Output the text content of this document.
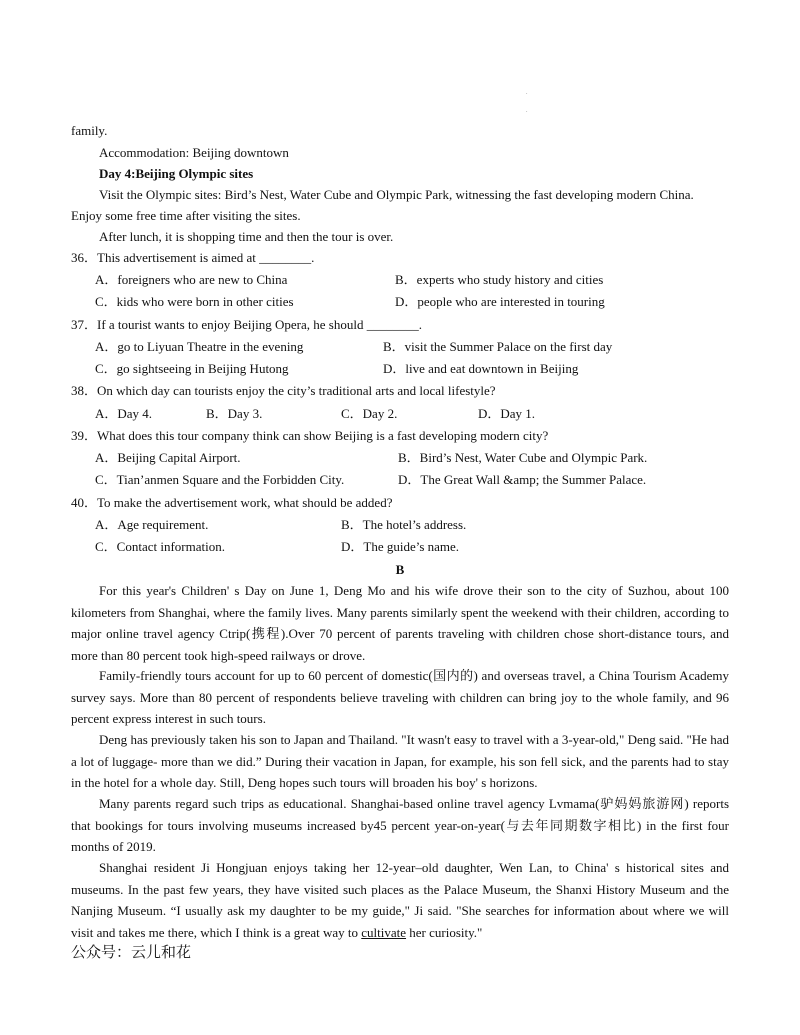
.
.
family.
Accommodation: Beijing downtown
Day 4:Beijing Olympic sites
Visit the Olympic sites: Bird’s Nest, Water Cube and Olympic Park, witnessing the fast developing modern China.
Enjoy some free time after visiting the sites.
After lunch, it is shopping time and then the tour is over.
36．This advertisement is aimed at ________.
A．foreigners who are new to China	B．experts who study history and cities
C．kids who were born in other cities	D．people who are interested in touring
37．If a tourist wants to enjoy Beijing Opera, he should ________.
A．go to Liyuan Theatre in the evening	B．visit the Summer Palace on the first day
C．go sightseeing in Beijing Hutong	D．live and eat downtown in Beijing
38．On which day can tourists enjoy the city’s traditional arts and local lifestyle?
A．Day 4.	B．Day 3.	C．Day 2.	D．Day 1.
39．What does this tour company think can show Beijing is a fast developing modern city?
A．Beijing Capital Airport.	B．Bird’s Nest, Water Cube and Olympic Park.
C．Tian’anmen Square and the Forbidden City.	D．The Great Wall &amp; the Summer Palace.
40．To make the advertisement work, what should be added?
A．Age requirement.	B．The hotel’s address.
C．Contact information.	D．The guide’s name.
B
For this year's Children' s Day on June 1, Deng Mo and his wife drove their son to the city of Suzhou, about 100 kilometers from Shanghai, where the family lives. Many parents similarly spent the weekend with their children, according to major online travel agency Ctrip(携程).Over 70 percent of parents traveling with children chose short-distance tours, and more than 80 percent took high-speed railways or drove.
Family-friendly tours account for up to 60 percent of domestic(国内的) and overseas travel, a China Tourism Academy survey says. More than 80 percent of respondents believe traveling with children can bring joy to the whole family, and 96 percent express interest in such tours.
Deng has previously taken his son to Japan and Thailand. "It wasn't easy to travel with a 3-year-old," Deng said. "He had a lot of luggage- more than we did.” During their vacation in Japan, for example, his son fell sick, and the parents had to stay in the hotel for a whole day. Still, Deng hopes such tours will broaden his boy' s horizons.
Many parents regard such trips as educational. Shanghai-based online travel agency Lvmama(驴妈妈旅游网) reports that bookings for tours involving museums increased by45 percent year-on-year(与去年同期数字相比) in the first four months of 2019.
Shanghai resident Ji Hongjuan enjoys taking her 12-year–old daughter, Wen Lan, to China' s historical sites and museums. In the past few years, they have visited such places as the Palace Museum, the Shanxi History Museum and the Nanjing Museum. “I usually ask my daughter to be my guide," Ji said. "She searches for information about where we will visit and takes me there, which I think is a great way to cultivate her curiosity."
公众号：云儿和花
